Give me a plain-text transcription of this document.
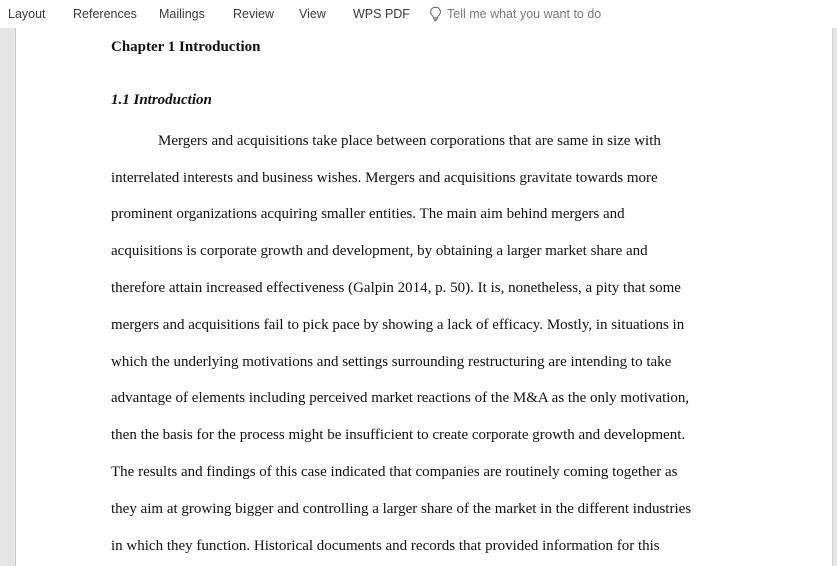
Layout References Mailings Review View WPS PDF	Tell me what you want to do
Chapter 1 Introduction
1.1 Introduction
Mergers and acquisitions take place between corporations that are same in size with
interrelated interests and business wishes. Mergers and acquisitions gravitate towards more
prominent organizations acquiring smaller entities. The main aim behind mergers and
acquisitions is corporate growth and development, by obtaining a larger market share and
therefore attain increased effectiveness (Galpin 2014, p. 50). It is, nonetheless, a pity that some
mergers and acquisitions fail to pick pace by showing a lack of efficacy. Mostly, in situations in
which the underlying motivations and settings surrounding restructuring are intending to take
advantage of elements including perceived market reactions of the M&A as the only motivation,
then the basis for the process might be insufficient to create corporate growth and development.
The results and findings of this case indicated that companies are routinely coming together as
they aim at growing bigger and controlling a larger share of the market in the different industries
in which they function. Historical documents and records that provided information for this
